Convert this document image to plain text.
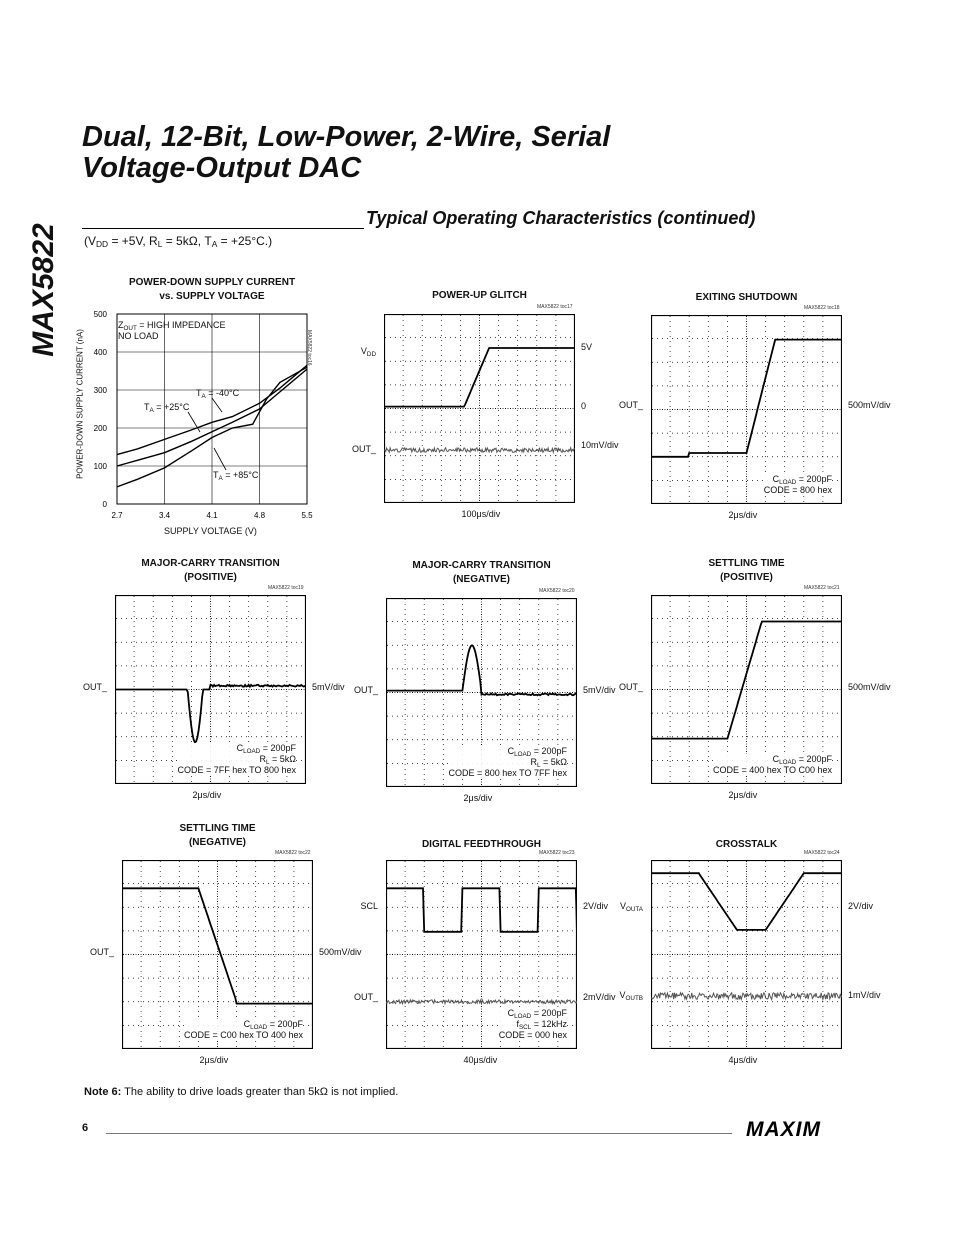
Dual, 12-Bit, Low-Power, 2-Wire, Serial
Voltage-Output DAC
MAX5822
Typical Operating Characteristics (continued)
($V_{DD} = +5V$, $R_L = 5k\Omega$, $T_A = +25^\circ C$.)
POWER-DOWN SUPPLY CURRENT
vs. SUPPLY VOLTAGE
MAX5822 toc16
2.7	3.4	4.1	4.8	5.5
0
100
200
300
400
500
$Z_{OUT}$ = HIGH IMPEDANCE
NO LOAD
$T_A = -40^\circ C$
$T_A = +25^\circ C$
$T_A = +85^\circ C$
SUPPLY VOLTAGE (V)
POWER-DOWN SUPPLY CURRENT (nA)
POWER-UP GLITCH
MAX5822 toc17
100μs/div
$V_{DD}$
OUT_
5V
0
10mV/div
EXITING SHUTDOWN
MAX5822 toc18
2μs/div
OUT_	500mV/div
$C_{LOAD} = 200pF$
CODE = 800 hex
MAJOR-CARRY TRANSITION
(POSITIVE)
MAX5822 toc19
2μs/div
OUT_	5mV/div
$C_{LOAD} = 200pF$
$R_L = 5k\Omega$
CODE = 7FF hex TO 800 hex
MAJOR-CARRY TRANSITION
(NEGATIVE)
MAX5822 toc20
2μs/div
OUT_	5mV/div
$C_{LOAD} = 200pF$
$R_L = 5k\Omega$
CODE = 800 hex TO 7FF hex
SETTLING TIME
(POSITIVE)
MAX5822 toc21
2μs/div
OUT_	500mV/div
$C_{LOAD} = 200pF$
CODE = 400 hex TO C00 hex
SETTLING TIME
(NEGATIVE)
MAX5822 toc22
2μs/div
OUT_	500mV/div
$C_{LOAD} = 200pF$
CODE = C00 hex TO 400 hex
DIGITAL FEEDTHROUGH
MAX5822 toc23
40μs/div
SCL
OUT_
2V/div
2mV/div
$C_{LOAD} = 200pF$
$f_{SCL} = 12kHz$
CODE = 000 hex
CROSSTALK
MAX5822 toc24
4μs/div
$V_{OUTA}$
$V_{OUTB}$
2V/div
1mV/div
Note 6: The ability to drive loads greater than 5kΩ is not implied.
6	MAXIM
